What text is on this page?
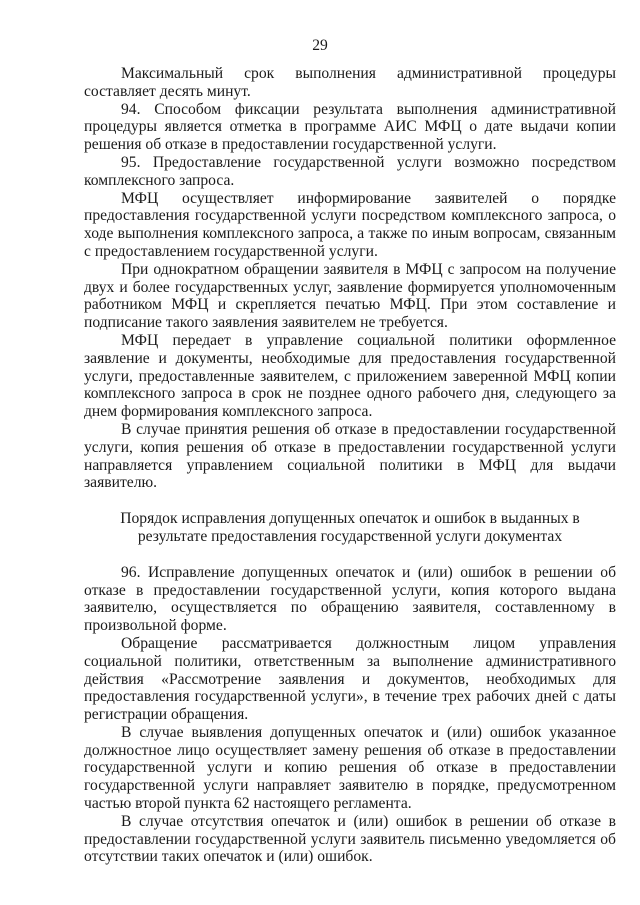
29

Максимальный срок выполнения административной процедуры составляет десять минут.

94. Способом фиксации результата выполнения административной процедуры является отметка в программе АИС МФЦ о дате выдачи копии решения об отказе в предоставлении государственной услуги.

95. Предоставление государственной услуги возможно посредством комплексного запроса.

МФЦ осуществляет информирование заявителей о порядке предоставления государственной услуги посредством комплексного запроса, о ходе выполнения комплексного запроса, а также по иным вопросам, связанным с предоставлением государственной услуги.

При однократном обращении заявителя в МФЦ с запросом на получение двух и более государственных услуг, заявление формируется уполномоченным работником МФЦ и скрепляется печатью МФЦ. При этом составление и подписание такого заявления заявителем не требуется.

МФЦ передает в управление социальной политики оформленное заявление и документы, необходимые для предоставления государственной услуги, предоставленные заявителем, с приложением заверенной МФЦ копии комплексного запроса в срок не позднее одного рабочего дня, следующего за днем формирования комплексного запроса.

В случае принятия решения об отказе в предоставлении государственной услуги, копия решения об отказе в предоставлении государственной услуги направляется управлением социальной политики в МФЦ для выдачи заявителю.

Порядок исправления допущенных опечаток и ошибок в выданных в результате предоставления государственной услуги документах

96. Исправление допущенных опечаток и (или) ошибок в решении об отказе в предоставлении государственной услуги, копия которого выдана заявителю, осуществляется по обращению заявителя, составленному в произвольной форме.

Обращение рассматривается должностным лицом управления социальной политики, ответственным за выполнение административного действия «Рассмотрение заявления и документов, необходимых для предоставления государственной услуги», в течение трех рабочих дней с даты регистрации обращения.

В случае выявления допущенных опечаток и (или) ошибок указанное должностное лицо осуществляет замену решения об отказе в предоставлении государственной услуги и копию решения об отказе в предоставлении государственной услуги направляет заявителю в порядке, предусмотренном частью второй пункта 62 настоящего регламента.

В случае отсутствия опечаток и (или) ошибок в решении об отказе в предоставлении государственной услуги заявитель письменно уведомляется об отсутствии таких опечаток и (или) ошибок.
